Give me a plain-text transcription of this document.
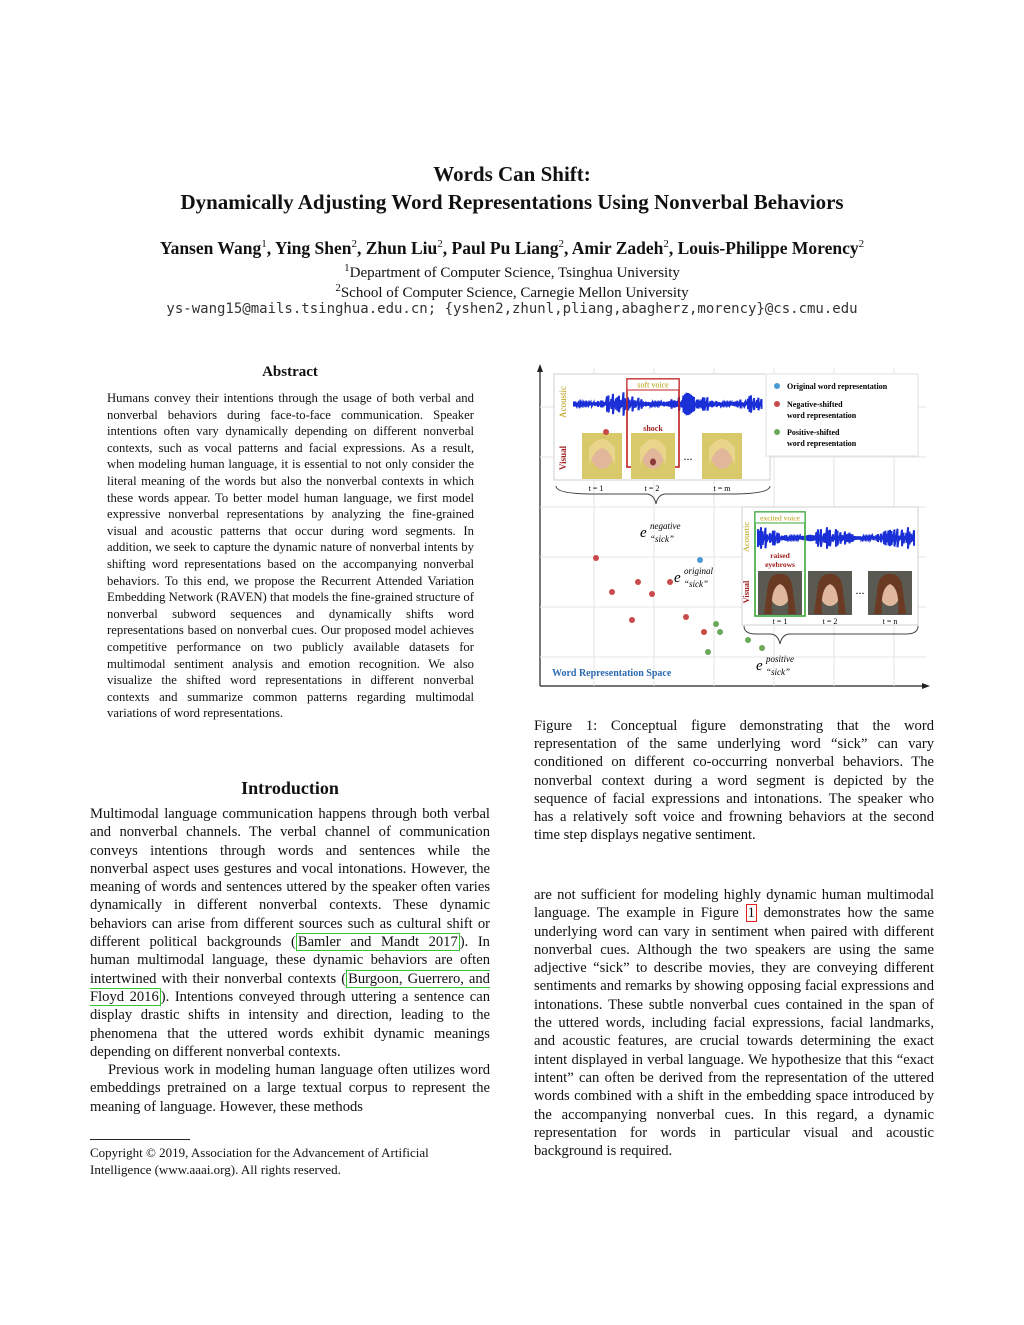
Words Can Shift:
Dynamically Adjusting Word Representations Using Nonverbal Behaviors
Yansen Wang$^1$, Ying Shen$^2$, Zhun Liu$^2$, Paul Pu Liang$^2$, Amir Zadeh$^2$, Louis-Philippe Morency$^2$
$^1$Department of Computer Science, Tsinghua University
$^2$School of Computer Science, Carnegie Mellon University
ys-wang15@mails.tsinghua.edu.cn; {yshen2,zhunl,pliang,abagherz,morency}@cs.cmu.edu
Abstract
Humans convey their intentions through the usage of both verbal and nonverbal behaviors during face-to-face communication. Speaker intentions often vary dynamically depending on different nonverbal contexts, such as vocal patterns and facial expressions. As a result, when modeling human language, it is essential to not only consider the literal meaning of the words but also the nonverbal contexts in which these words appear. To better model human language, we first model expressive nonverbal representations by analyzing the fine-grained visual and acoustic patterns that occur during word segments. In addition, we seek to capture the dynamic nature of nonverbal intents by shifting word representations based on the accompanying nonverbal behaviors. To this end, we propose the Recurrent Attended Variation Embedding Network (RAVEN) that models the fine-grained structure of nonverbal subword sequences and dynamically shifts word representations based on nonverbal cues. Our proposed model achieves competitive performance on two publicly available datasets for multimodal sentiment analysis and emotion recognition. We also visualize the shifted word representations in different nonverbal contexts and summarize common patterns regarding multimodal variations of word representations.
Introduction

Multimodal language communication happens through both verbal and nonverbal channels. The verbal channel of communication conveys intentions through words and sentences while the nonverbal aspect uses gestures and vocal intonations. However, the meaning of words and sentences uttered by the speaker often varies dynamically in different nonverbal contexts. These dynamic behaviors can arise from different sources such as cultural shift or different political backgrounds ( Bamler and Mandt 2017 ). In human multimodal language, these dynamic behaviors are often intertwined with their nonverbal contexts ( Burgoon, Guerrero, and Floyd 2016 ). Intentions conveyed through uttering a sentence can display drastic shifts in intensity and direction, leading to the phenomena that the uttered words exhibit dynamic meanings depending on different nonverbal contexts.

Previous work in modeling human language often utilizes word embeddings pretrained on a large textual corpus to represent the meaning of language. However, these methods

Copyright © 2019, Association for the Advancement of Artificial Intelligence (www.aaai.org). All rights reserved.
Acoustic
Visual
soft voice
shock
...
t = 1	t = 2	t = m
Original word representation
Negative-shifted
word representation
Positive-shifted
word representation
Acoustic
Visual
excited voice
raised
eyebrows
...
t = 1	t = 2	t = n
e negative
“sick”
e original
“sick”
e positive
“sick”
Word Representation Space
Figure 1: Conceptual figure demonstrating that the word representation of the same underlying word “sick” can vary conditioned on different co-occurring nonverbal behaviors. The nonverbal context during a word segment is depicted by the sequence of facial expressions and intonations. The speaker who has a relatively soft voice and frowning behaviors at the second time step displays negative sentiment.
are not sufficient for modeling highly dynamic human multimodal language. The example in Figure 1 demonstrates how the same underlying word can vary in sentiment when paired with different nonverbal cues. Although the two speakers are using the same adjective “sick” to describe movies, they are conveying different sentiments and remarks by showing opposing facial expressions and intonations. These subtle nonverbal cues contained in the span of the uttered words, including facial expressions, facial landmarks, and acoustic features, are crucial towards determining the exact intent displayed in verbal language. We hypothesize that this “exact intent” can often be derived from the representation of the uttered words combined with a shift in the embedding space introduced by the accompanying nonverbal cues. In this regard, a dynamic representation for words in particular visual and acoustic background is required.
